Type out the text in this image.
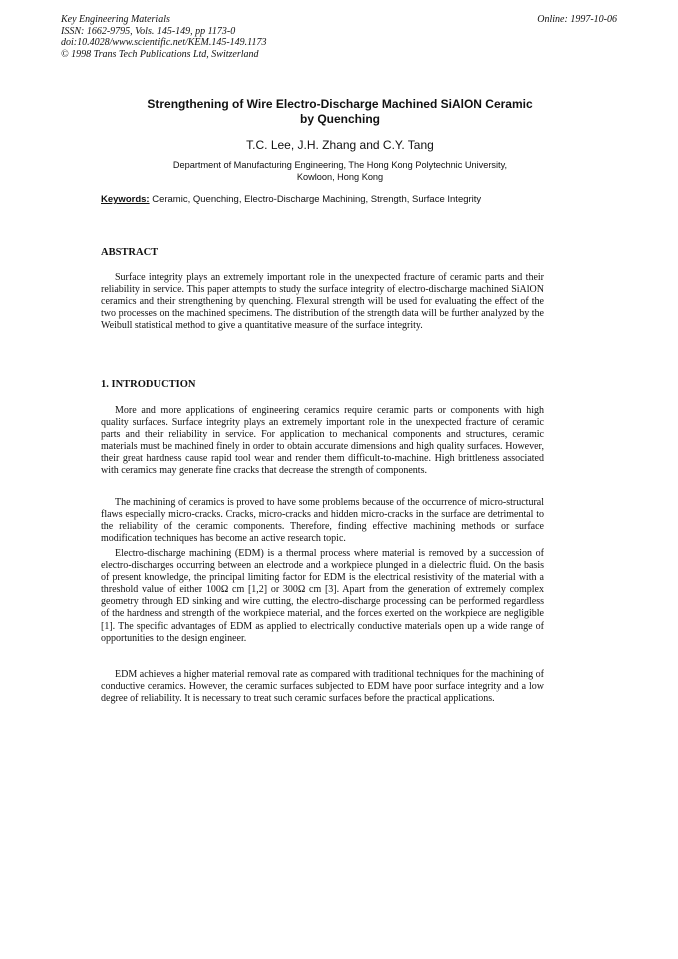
Key Engineering Materials
ISSN: 1662-9795, Vols. 145-149, pp 1173-0
doi:10.4028/www.scientific.net/KEM.145-149.1173
© 1998 Trans Tech Publications Ltd, Switzerland
Online: 1997-10-06
Strengthening of Wire Electro-Discharge Machined SiAlON Ceramic
by Quenching
T.C. Lee, J.H. Zhang and C.Y. Tang
Department of Manufacturing Engineering, The Hong Kong Polytechnic University,
Kowloon, Hong Kong
Keywords: Ceramic, Quenching, Electro-Discharge Machining, Strength, Surface Integrity
ABSTRACT

Surface integrity plays an extremely important role in the unexpected fracture of ceramic parts and their reliability in service. This paper attempts to study the surface integrity of electro-discharge machined SiAlON ceramics and their strengthening by quenching. Flexural strength will be used for evaluating the effect of the two processes on the machined specimens. The distribution of the strength data will be further analyzed by the Weibull statistical method to give a quantitative measure of the surface integrity.

1. INTRODUCTION

More and more applications of engineering ceramics require ceramic parts or components with high quality surfaces. Surface integrity plays an extremely important role in the unexpected fracture of ceramic parts and their reliability in service. For application to mechanical components and structures, ceramic materials must be machined finely in order to obtain accurate dimensions and high quality surfaces. However, their great hardness cause rapid tool wear and render them difficult-to-machine. High brittleness associated with ceramics may generate fine cracks that decrease the strength of components.

The machining of ceramics is proved to have some problems because of the occurrence of micro-structural flaws especially micro-cracks. Cracks, micro-cracks and hidden micro-cracks in the surface are detrimental to the reliability of the ceramic components. Therefore, finding effective machining methods or surface modification techniques has become an active research topic.

Electro-discharge machining (EDM) is a thermal process where material is removed by a succession of electro-discharges occurring between an electrode and a workpiece plunged in a dielectric fluid. On the basis of present knowledge, the principal limiting factor for EDM is the electrical resistivity of the material with a threshold value of either 100Ω cm [1,2] or 300Ω cm [3]. Apart from the generation of extremely complex geometry through ED sinking and wire cutting, the electro-discharge processing can be performed regardless of the hardness and strength of the workpiece material, and the forces exerted on the workpiece are negligible [1]. The specific advantages of EDM as applied to electrically conductive materials open up a wide range of opportunities to the design engineer.

EDM achieves a higher material removal rate as compared with traditional techniques for the machining of conductive ceramics. However, the ceramic surfaces subjected to EDM have poor surface integrity and a low degree of reliability. It is necessary to treat such ceramic surfaces before the practical applications.
